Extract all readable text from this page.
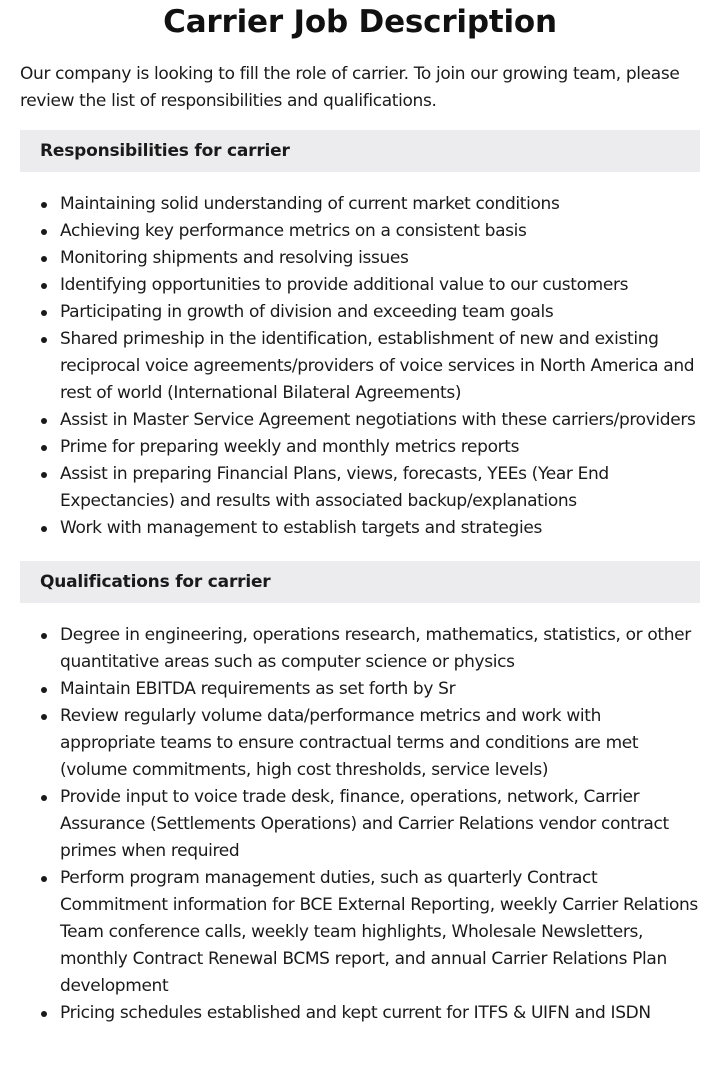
Carrier Job Description

Our company is looking to fill the role of carrier. To join our growing team, please review the list of responsibilities and qualifications.

Responsibilities for carrier
Maintaining solid understanding of current market conditions
Achieving key performance metrics on a consistent basis
Monitoring shipments and resolving issues
Identifying opportunities to provide additional value to our customers
Participating in growth of division and exceeding team goals
Shared primeship in the identification, establishment of new and existing reciprocal voice agreements/providers of voice services in North America and rest of world (International Bilateral Agreements)
Assist in Master Service Agreement negotiations with these carriers/providers
Prime for preparing weekly and monthly metrics reports
Assist in preparing Financial Plans, views, forecasts, YEEs (Year End Expectancies) and results with associated backup/explanations
Work with management to establish targets and strategies
Qualifications for carrier
Degree in engineering, operations research, mathematics, statistics, or other quantitative areas such as computer science or physics
Maintain EBITDA requirements as set forth by Sr
Review regularly volume data/performance metrics and work with appropriate teams to ensure contractual terms and conditions are met (volume commitments, high cost thresholds, service levels)
Provide input to voice trade desk, finance, operations, network, Carrier Assurance (Settlements Operations) and Carrier Relations vendor contract primes when required
Perform program management duties, such as quarterly Contract Commitment information for BCE External Reporting, weekly Carrier Relations Team conference calls, weekly team highlights, Wholesale Newsletters, monthly Contract Renewal BCMS report, and annual Carrier Relations Plan development
Pricing schedules established and kept current for ITFS & UIFN and ISDN
